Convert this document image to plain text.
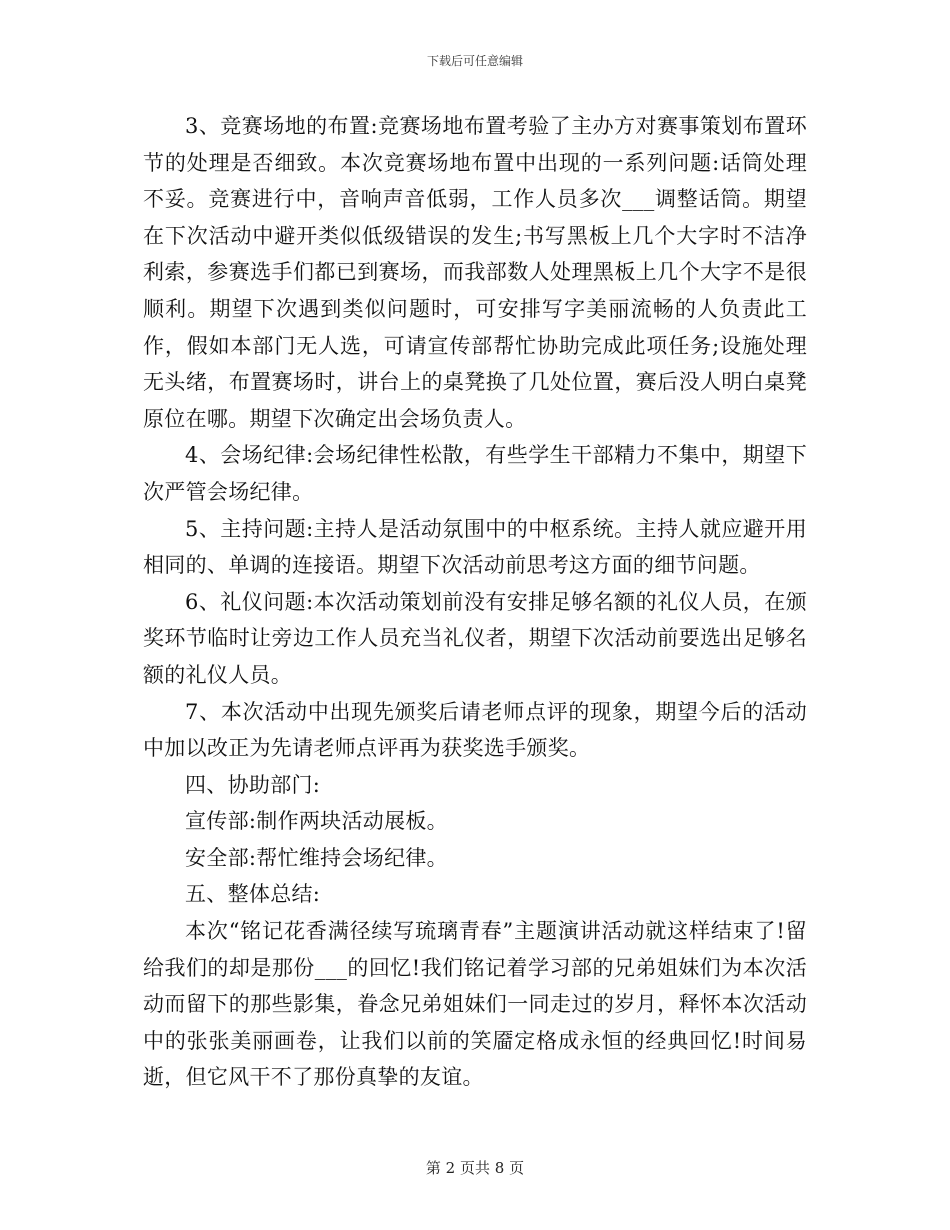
下载后可任意编辑

3、竞赛场地的布置:竞赛场地布置考验了主办方对赛事策划布置环节的处理是否细致。本次竞赛场地布置中出现的一系列问题:话筒处理不妥。竞赛进行中，音响声音低弱，工作人员多次___调整话筒。期望在下次活动中避开类似低级错误的发生;书写黑板上几个大字时不洁净利索，参赛选手们都已到赛场，而我部数人处理黑板上几个大字不是很顺利。期望下次遇到类似问题时，可安排写字美丽流畅的人负责此工作，假如本部门无人选，可请宣传部帮忙协助完成此项任务;设施处理无头绪，布置赛场时，讲台上的桌凳换了几处位置，赛后没人明白桌凳原位在哪。期望下次确定出会场负责人。

4、会场纪律:会场纪律性松散，有些学生干部精力不集中，期望下次严管会场纪律。

5、主持问题:主持人是活动氛围中的中枢系统。主持人就应避开用相同的、单调的连接语。期望下次活动前思考这方面的细节问题。

6、礼仪问题:本次活动策划前没有安排足够名额的礼仪人员，在颁奖环节临时让旁边工作人员充当礼仪者，期望下次活动前要选出足够名额的礼仪人员。

7、本次活动中出现先颁奖后请老师点评的现象，期望今后的活动中加以改正为先请老师点评再为获奖选手颁奖。

四、协助部门:

宣传部:制作两块活动展板。

安全部:帮忙维持会场纪律。

五、整体总结:

本次“铭记花香满径续写琉璃青春”主题演讲活动就这样结束了!留给我们的却是那份___的回忆!我们铭记着学习部的兄弟姐妹们为本次活动而留下的那些影集，眷念兄弟姐妹们一同走过的岁月，释怀本次活动中的张张美丽画卷，让我们以前的笑靥定格成永恒的经典回忆!时间易逝，但它风干不了那份真挚的友谊。

第 2 页共 8 页
